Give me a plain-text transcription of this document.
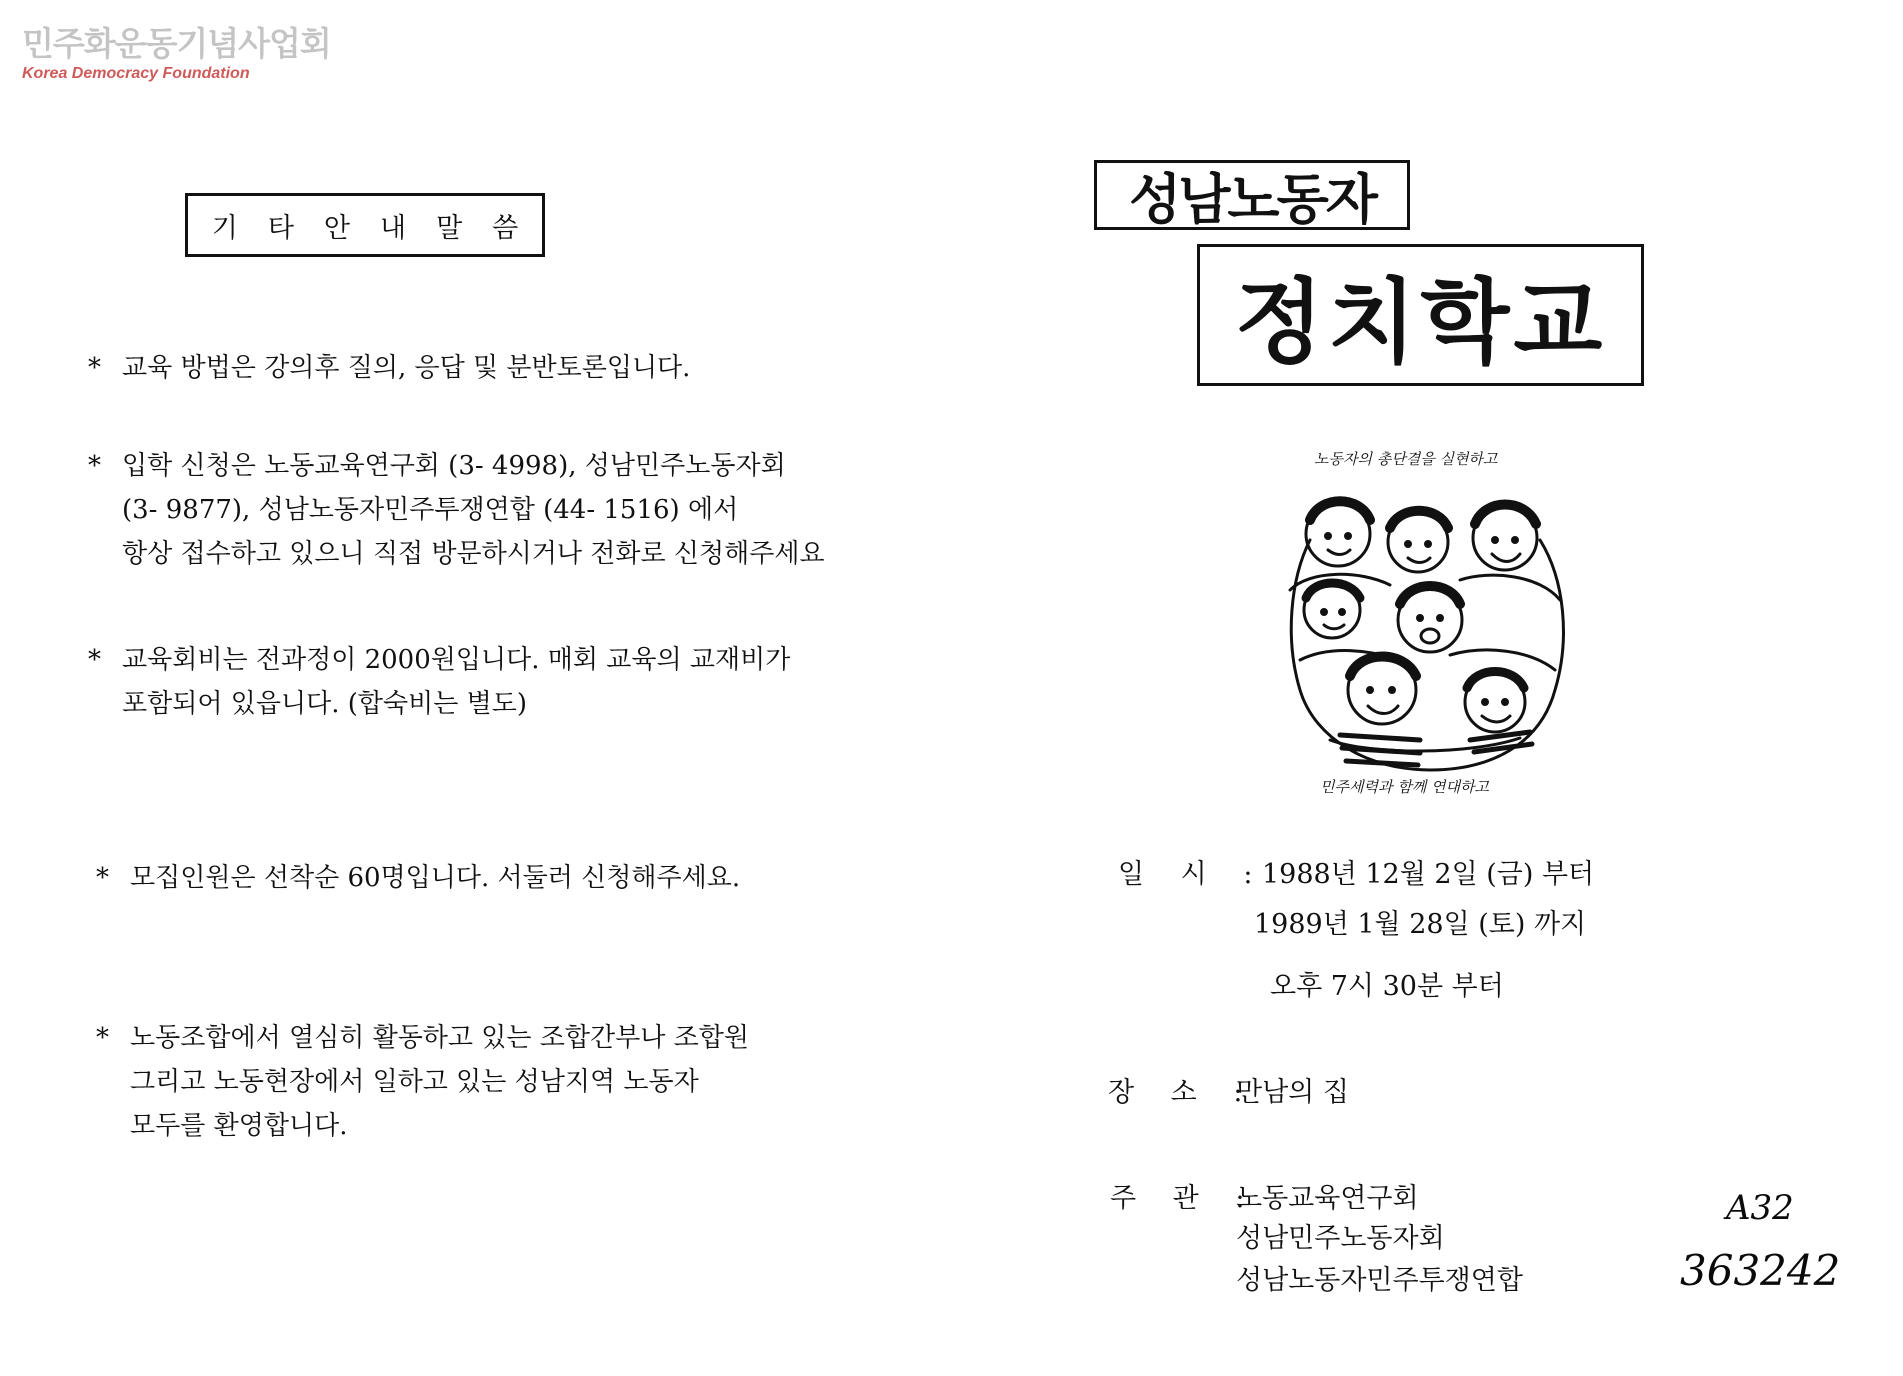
민주화운동기념사업회
Korea Democracy Foundation
기타안내말씀
* 교육 방법은 강의후 질의, 응답 및 분반토론입니다.
* 입학 신청은 노동교육연구회 (3- 4998), 성남민주노동자회
(3- 9877), 성남노동자민주투쟁연합 (44- 1516) 에서
항상 접수하고 있으니 직접 방문하시거나 전화로 신청해주세요
* 교육회비는 전과정이 2000원입니다. 매회 교육의 교재비가
포함되어 있읍니다. (합숙비는 별도)
* 모집인원은 선착순 60명입니다. 서둘러 신청해주세요.
* 노동조합에서 열심히 활동하고 있는 조합간부나 조합원
그리고 노동현장에서 일하고 있는 성남지역 노동자
모두를 환영합니다.
성남노동자
정치학교
노동자의 총단결을 실현하고
민주세력과 함께 연대하고
일 시 :
1988년 12월 2일 (금) 부터
1989년 1월 28일 (토) 까지
오후 7시 30분 부터
장 소 :
만남의 집
주 관 :
노동교육연구회
성남민주노동자회
성남노동자민주투쟁연합
A32
363242
